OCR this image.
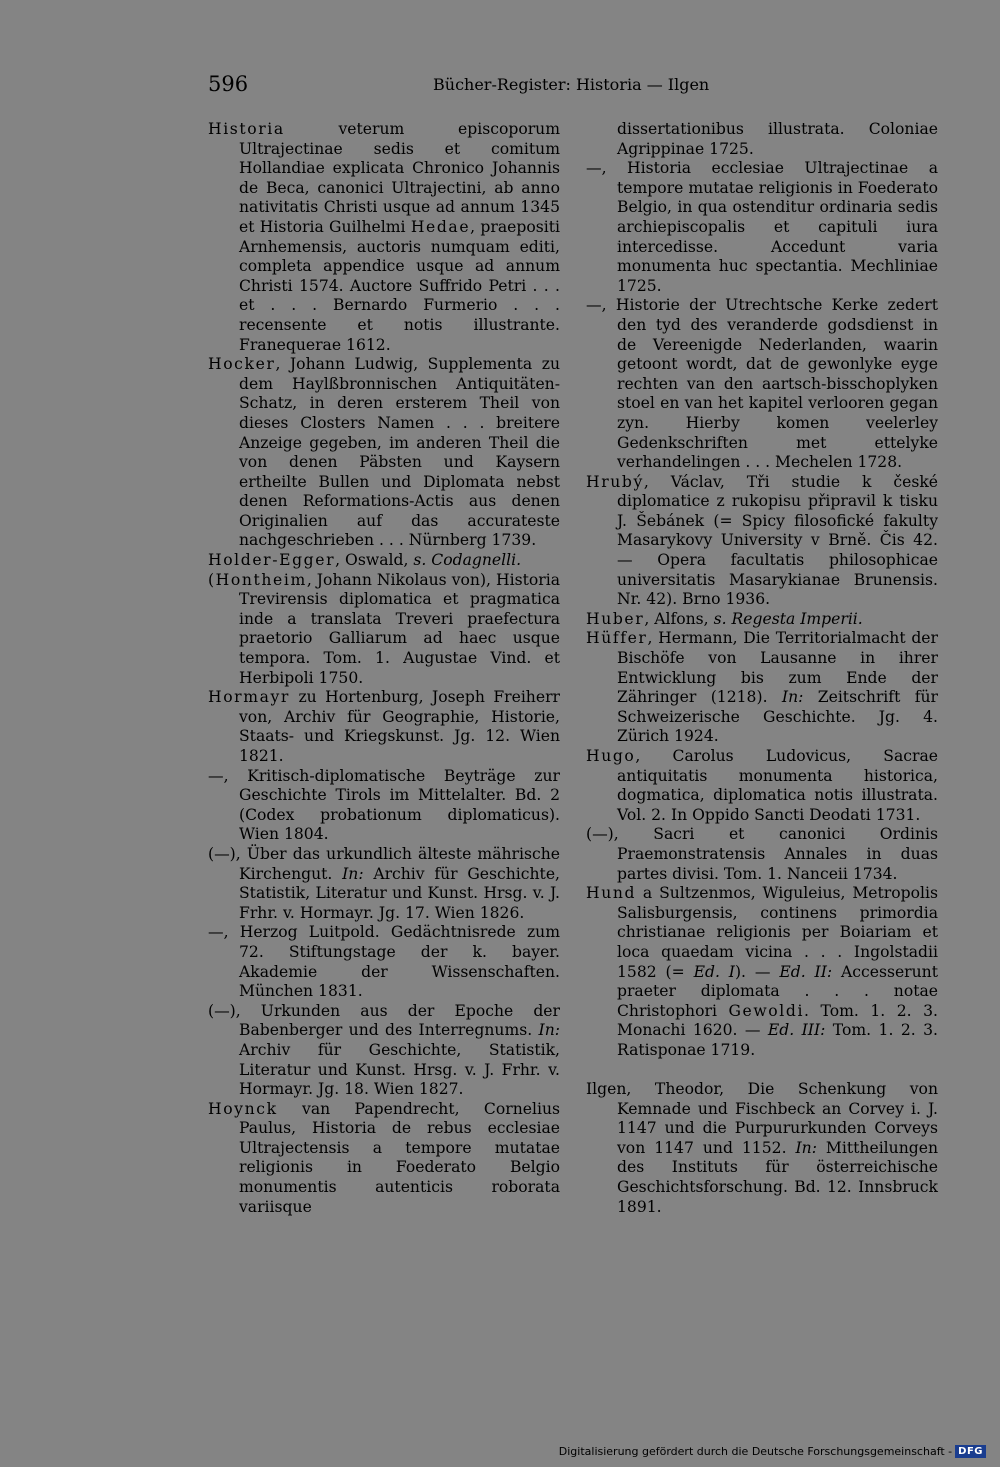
596	Bücher-Register: Historia — Ilgen

Historia veterum episcoporum Ultrajectinae sedis et comitum Hollandiae explicata Chronico Johannis de Beca, canonici Ultrajectini, ab anno nativitatis Christi usque ad annum 1345 et Historia Guilhelmi Hedae, praepositi Arnhemensis, auctoris numquam editi, completa appendice usque ad annum Christi 1574. Auctore Suffrido Petri . . . et . . . Bernardo Furmerio . . . recensente et notis illustrante. Franequerae 1612.

Hocker, Johann Ludwig, Supplementa zu dem Haylßbronnischen Antiquitäten-Schatz, in deren ersterem Theil von dieses Closters Namen . . . breitere Anzeige gegeben, im anderen Theil die von denen Päbsten und Kaysern ertheilte Bullen und Diplomata nebst denen Reformations-Actis aus denen Originalien auf das accurateste nachgeschrieben . . . Nürnberg 1739.

Holder-Egger, Oswald, s. Codagnelli.

(Hontheim, Johann Nikolaus von), Historia Trevirensis diplomatica et pragmatica inde a translata Treveri praefectura praetorio Galliarum ad haec usque tempora. Tom. 1. Augustae Vind. et Herbipoli 1750.

Hormayr zu Hortenburg, Joseph Freiherr von, Archiv für Geographie, Historie, Staats- und Kriegskunst. Jg. 12. Wien 1821.

—, Kritisch-diplomatische Beyträge zur Geschichte Tirols im Mittelalter. Bd. 2 (Codex probationum diplomaticus). Wien 1804.

(—), Über das urkundlich älteste mährische Kirchengut. In: Archiv für Geschichte, Statistik, Literatur und Kunst. Hrsg. v. J. Frhr. v. Hormayr. Jg. 17. Wien 1826.

—, Herzog Luitpold. Gedächtnisrede zum 72. Stiftungstage der k. bayer. Akademie der Wissenschaften. München 1831.

(—), Urkunden aus der Epoche der Babenberger und des Interregnums. In: Archiv für Geschichte, Statistik, Literatur und Kunst. Hrsg. v. J. Frhr. v. Hormayr. Jg. 18. Wien 1827.

Hoynck van Papendrecht, Cornelius Paulus, Historia de rebus ecclesiae Ultrajectensis a tempore mutatae religionis in Foederato Belgio monumentis autenticis roborata variisque

dissertationibus illustrata. Coloniae Agrippinae 1725.

—, Historia ecclesiae Ultrajectinae a tempore mutatae religionis in Foederato Belgio, in qua ostenditur ordinaria sedis archiepiscopalis et capituli iura intercedisse. Accedunt varia monumenta huc spectantia. Mechliniae 1725.

—, Historie der Utrechtsche Kerke zedert den tyd des veranderde godsdienst in de Vereenigde Nederlanden, waarin getoont wordt, dat de gewonlyke eyge rechten van den aartsch-bisschoplyken stoel en van het kapitel verlooren gegan zyn. Hierby komen veelerley Gedenkschriften met ettelyke verhandelingen . . . Mechelen 1728.

Hrubý, Václav, Tři studie k české diplomatice z rukopisu připravil k tisku J. Šebánek (= Spicy filosofické fakulty Masarykovy University v Brně. Čis 42. — Opera facultatis philosophicae universitatis Masarykianae Brunensis. Nr. 42). Brno 1936.

Huber, Alfons, s. Regesta Imperii.

Hüffer, Hermann, Die Territorialmacht der Bischöfe von Lausanne in ihrer Entwicklung bis zum Ende der Zähringer (1218). In: Zeitschrift für Schweizerische Geschichte. Jg. 4. Zürich 1924.

Hugo, Carolus Ludovicus, Sacrae antiquitatis monumenta historica, dogmatica, diplomatica notis illustrata. Vol. 2. In Oppido Sancti Deodati 1731.

(—), Sacri et canonici Ordinis Praemonstratensis Annales in duas partes divisi. Tom. 1. Nanceii 1734.

Hund a Sultzenmos, Wiguleius, Metropolis Salisburgensis, continens primordia christianae religionis per Boiariam et loca quaedam vicina . . . Ingolstadii 1582 (= Ed. I). — Ed. II: Accesserunt praeter diplomata . . . notae Christophori Gewoldi. Tom. 1. 2. 3. Monachi 1620. — Ed. III: Tom. 1. 2. 3. Ratisponae 1719.

Ilgen, Theodor, Die Schenkung von Kemnade und Fischbeck an Corvey i. J. 1147 und die Purpururkunden Corveys von 1147 und 1152. In: Mittheilungen des Instituts für österreichische Geschichtsforschung. Bd. 12. Innsbruck 1891.

Digitalisierung gefördert durch die Deutsche Forschungsgemeinschaft - DFG
